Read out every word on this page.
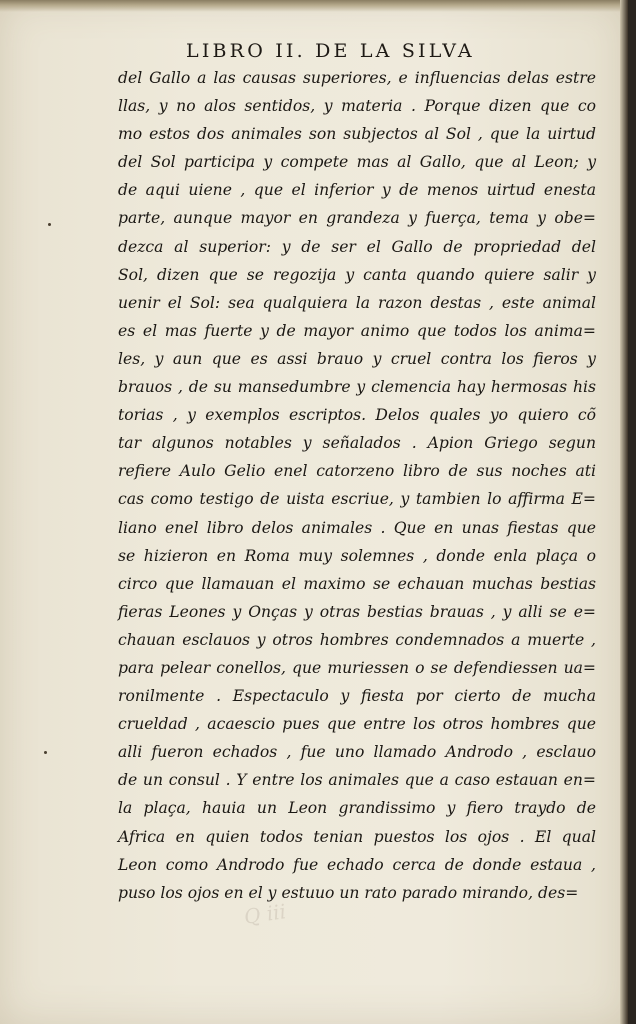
LIBRO II. DE LA SILVA
del Gallo a las causas superiores, e influencias delas estre
llas, y no alos sentidos, y materia . Porque dizen que co
mo estos dos animales son subjectos al Sol , que la uirtud
del Sol participa y compete mas al Gallo, que al Leon; y
de aqui uiene , que el inferior y de menos uirtud enesta
parte, aunque mayor en grandeza y fuerça, tema y obe=
dezca al superior: y de ser el Gallo de propriedad del
Sol, dizen que se regozija y canta quando quiere salir y
uenir el Sol: sea qualquiera la razon destas , este animal
es el mas fuerte y de mayor animo que todos los anima=
les, y aun que es assi brauo y cruel contra los fieros y
brauos , de su mansedumbre y clemencia hay hermosas his
torias , y exemplos escriptos. Delos quales yo quiero cõ
tar algunos notables y señalados . Apion Griego segun
refiere Aulo Gelio enel catorzeno libro de sus noches ati
cas como testigo de uista escriue, y tambien lo affirma E=
liano enel libro delos animales . Que en unas fiestas que
se hizieron en Roma muy solemnes , donde enla plaça o
circo que llamauan el maximo se echauan muchas bestias
fieras Leones y Onças y otras bestias brauas , y alli se e=
chauan esclauos y otros hombres condemnados a muerte ,
para pelear conellos, que muriessen o se defendiessen ua=
ronilmente . Espectaculo y fiesta por cierto de mucha
crueldad , acaescio pues que entre los otros hombres que
alli fueron echados , fue uno llamado Androdo , esclauo
de un consul . Y entre los animales que a caso estauan en=
la plaça, hauia un Leon grandissimo y fiero traydo de
Africa en quien todos tenian puestos los ojos . El qual
Leon como Androdo fue echado cerca de donde estaua ,
puso los ojos en el y estuuo un rato parado mirando, des=
Q iii
